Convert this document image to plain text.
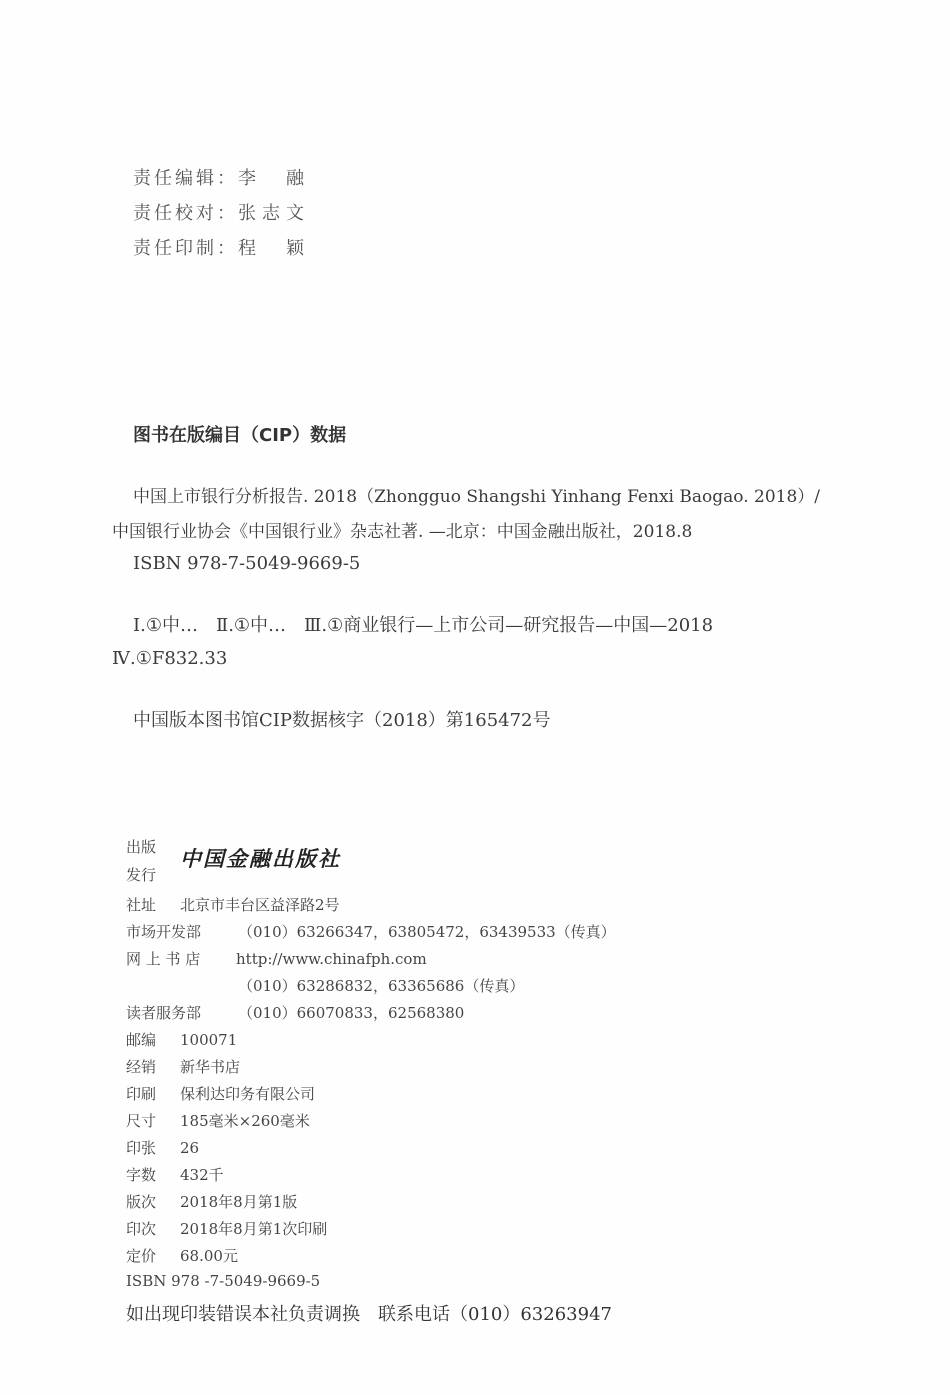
责任编辑：李　融
责任校对：张志文
责任印制：程　颖
图书在版编目（CIP）数据
中国上市银行分析报告. 2018（Zhongguo Shangshi Yinhang Fenxi Baogao. 2018）/
中国银行业协会《中国银行业》杂志社著. —北京：中国金融出版社，2018.8
ISBN 978-7-5049-9669-5
Ⅰ.①中…　Ⅱ.①中…　Ⅲ.①商业银行—上市公司—研究报告—中国—2018
Ⅳ.①F832.33
中国版本图书馆CIP数据核字（2018）第165472号
出版
发行
中国金融出版社
社址 北京市丰台区益泽路2号
市场开发部 （010）63266347，63805472，63439533（传真）
网 上 书 店 http://www.chinafph.com
（010）63286832，63365686（传真）
读者服务部 （010）66070833，62568380
邮编 100071
经销 新华书店
印刷 保利达印务有限公司
尺寸 185毫米×260毫米
印张 26
字数 432千
版次 2018年8月第1版
印次 2018年8月第1次印刷
定价 68.00元
ISBN 978 -7-5049-9669-5
如出现印装错误本社负责调换　联系电话（010）63263947
